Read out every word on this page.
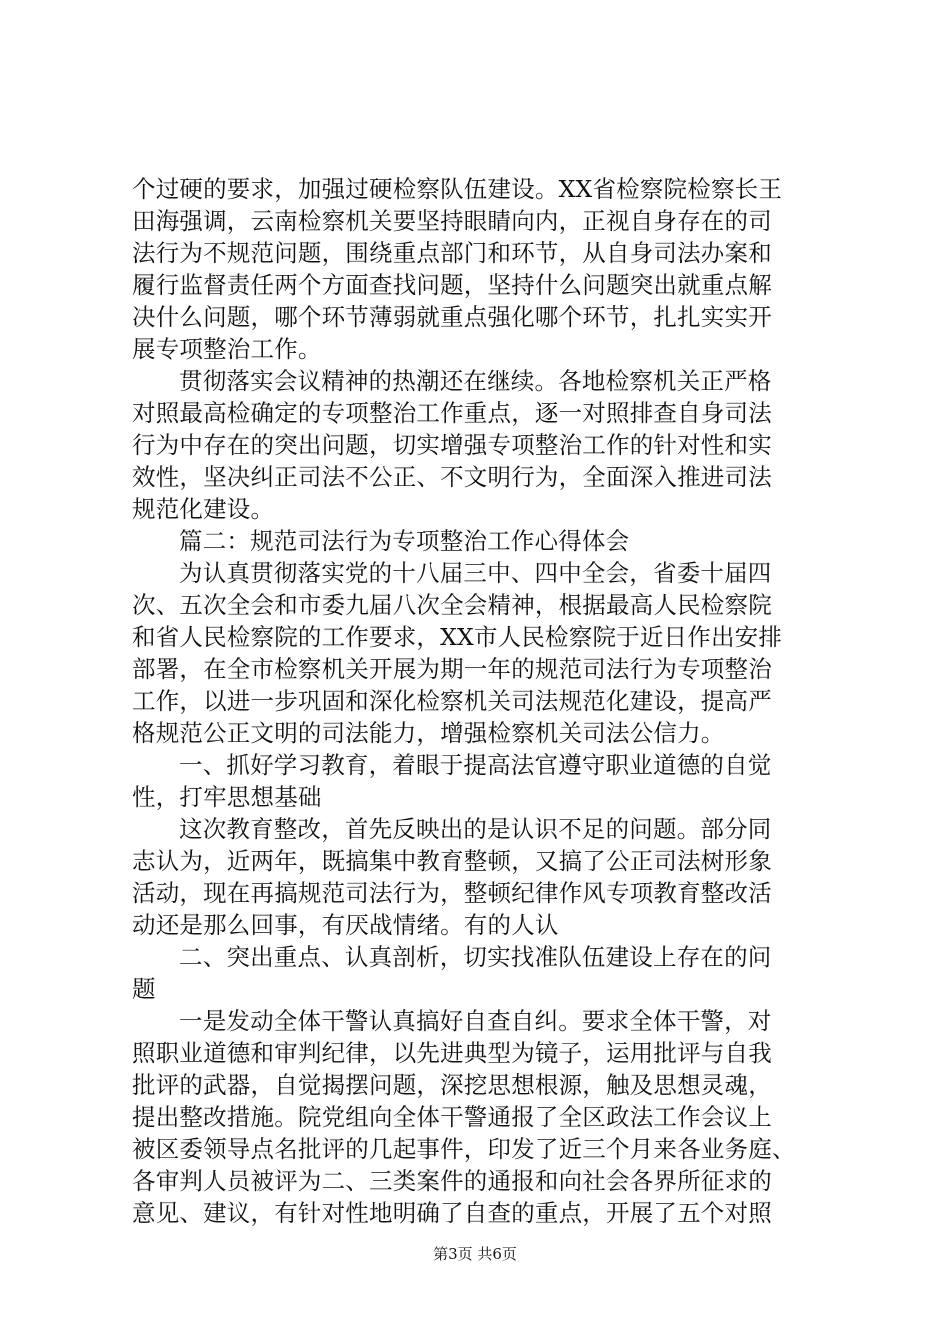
个过硬的要求，加强过硬检察队伍建设。XX省检察院检察长王
田海强调，云南检察机关要坚持眼睛向内，正视自身存在的司
法行为不规范问题，围绕重点部门和环节，从自身司法办案和
履行监督责任两个方面查找问题，坚持什么问题突出就重点解
决什么问题，哪个环节薄弱就重点强化哪个环节，扎扎实实开
展专项整治工作。
贯彻落实会议精神的热潮还在继续。各地检察机关正严格
对照最高检确定的专项整治工作重点，逐一对照排查自身司法
行为中存在的突出问题，切实增强专项整治工作的针对性和实
效性，坚决纠正司法不公正、不文明行为，全面深入推进司法
规范化建设。
篇二：规范司法行为专项整治工作心得体会
为认真贯彻落实党的十八届三中、四中全会，省委十届四
次、五次全会和市委九届八次全会精神，根据最高人民检察院
和省人民检察院的工作要求，XX市人民检察院于近日作出安排
部署，在全市检察机关开展为期一年的规范司法行为专项整治
工作，以进一步巩固和深化检察机关司法规范化建设，提高严
格规范公正文明的司法能力，增强检察机关司法公信力。
一、抓好学习教育，着眼于提高法官遵守职业道德的自觉
性，打牢思想基础
这次教育整改，首先反映出的是认识不足的问题。部分同
志认为，近两年，既搞集中教育整顿，又搞了公正司法树形象
活动，现在再搞规范司法行为，整顿纪律作风专项教育整改活
动还是那么回事，有厌战情绪。有的人认
二、突出重点、认真剖析，切实找准队伍建设上存在的问
题
一是发动全体干警认真搞好自查自纠。要求全体干警，对
照职业道德和审判纪律，以先进典型为镜子，运用批评与自我
批评的武器，自觉揭摆问题，深挖思想根源，触及思想灵魂，
提出整改措施。院党组向全体干警通报了全区政法工作会议上
被区委领导点名批评的几起事件，印发了近三个月来各业务庭、
各审判人员被评为二、三类案件的通报和向社会各界所征求的
意见、建议，有针对性地明确了自查的重点，开展了五个对照
第3页 共6页
